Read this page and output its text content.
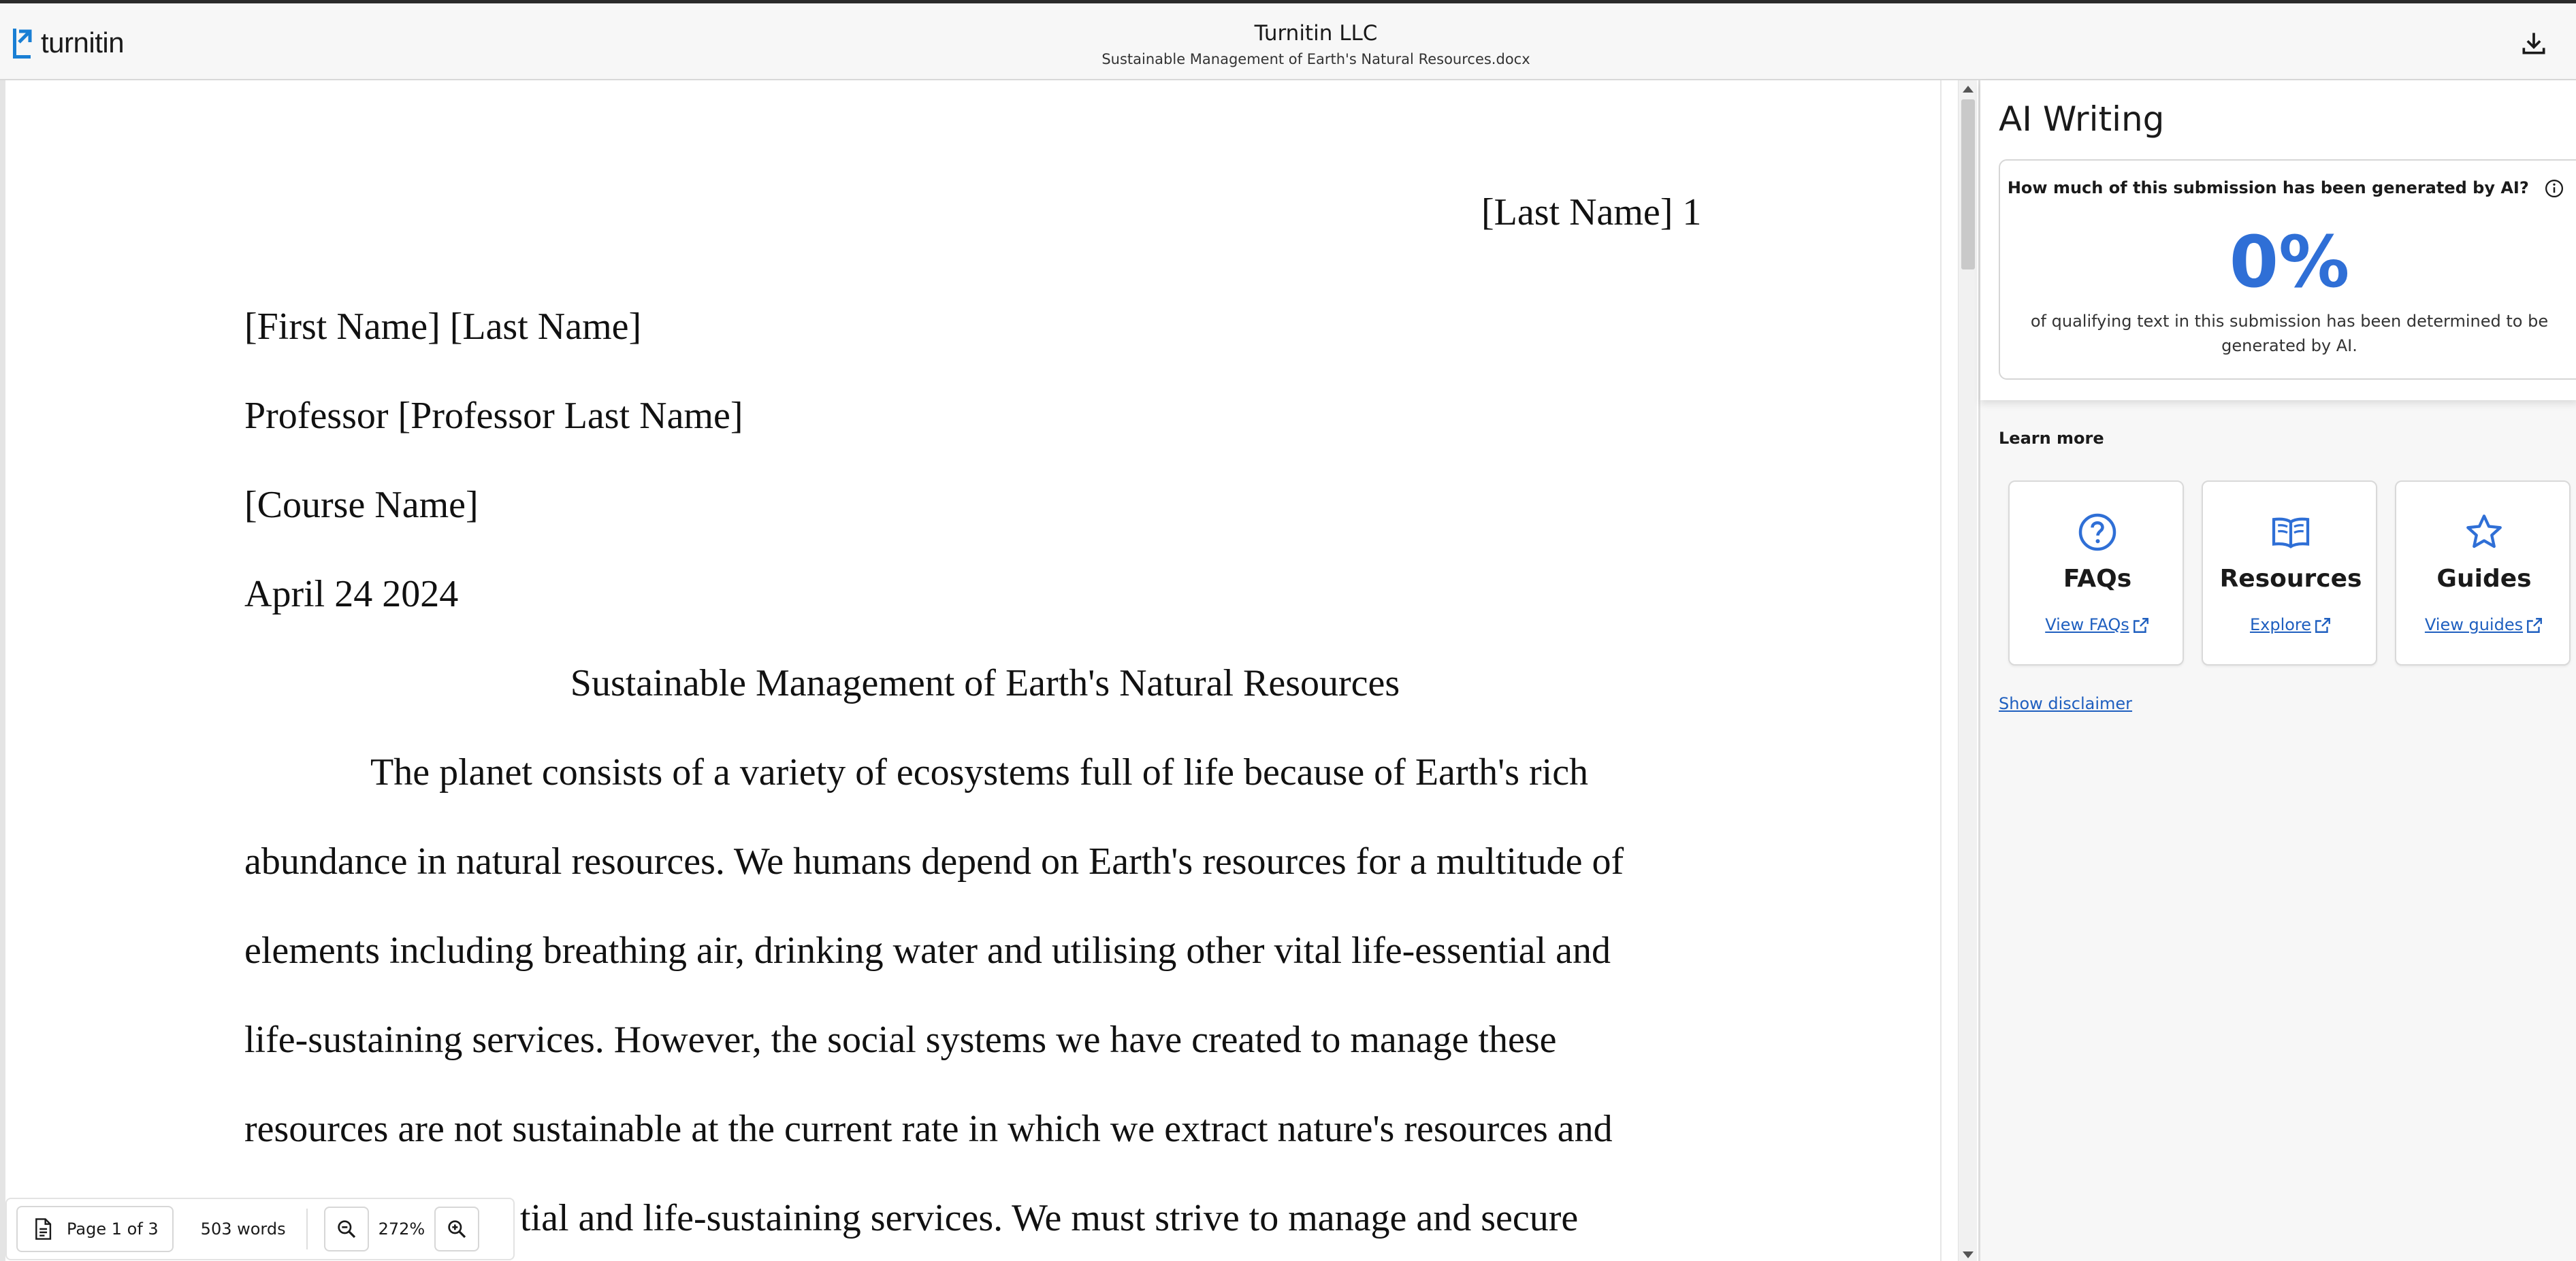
turnitin	Turnitin LLC
Sustainable Management of Earth's Natural Resources.docx
[Last Name] 1
[First Name] [Last Name]
Professor [Professor Last Name]
[Course Name]
April 24 2024
Sustainable Management of Earth's Natural Resources
The planet consists of a variety of ecosystems full of life because of Earth's rich
abundance in natural resources. We humans depend on Earth's resources for a multitude of
elements including breathing air, drinking water and utilising other vital life-essential and
life-sustaining services. However, the social systems we have created to manage these
resources are not sustainable at the current rate in which we extract nature's resources and
tial and life-sustaining services. We must strive to manage and secure
Page 1 of 3	503 words	272%
AI Writing
How much of this submission has been generated by AI?
0%
of qualifying text in this submission has been determined to be generated by AI.
Learn more
FAQs
View FAQs
Resources
Explore
Guides
View guides
Show disclaimer
